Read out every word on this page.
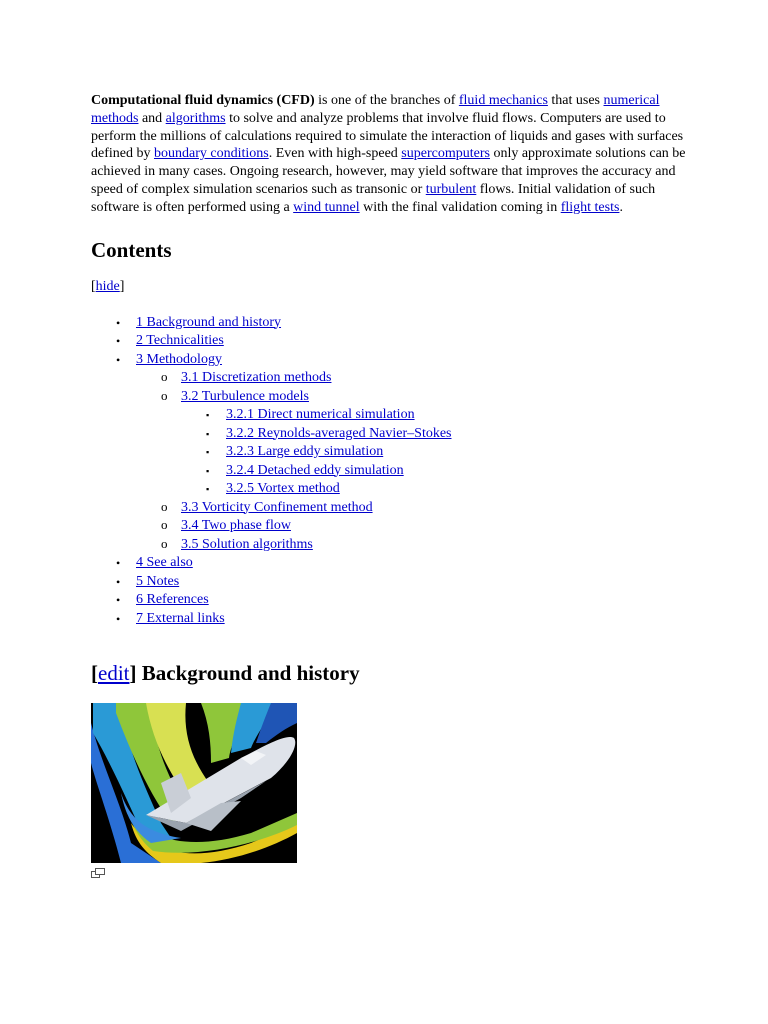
Computational fluid dynamics (CFD) is one of the branches of fluid mechanics that uses numerical methods and algorithms to solve and analyze problems that involve fluid flows. Computers are used to perform the millions of calculations required to simulate the interaction of liquids and gases with surfaces defined by boundary conditions. Even with high-speed supercomputers only approximate solutions can be achieved in many cases. Ongoing research, however, may yield software that improves the accuracy and speed of complex simulation scenarios such as transonic or turbulent flows. Initial validation of such software is often performed using a wind tunnel with the final validation coming in flight tests.

Contents
[hide]
• 1 Background and history
• 2 Technicalities
• 3 Methodology
o 3.1 Discretization methods
o 3.2 Turbulence models
▪ 3.2.1 Direct numerical simulation
▪ 3.2.2 Reynolds-averaged Navier–Stokes
▪ 3.2.3 Large eddy simulation
▪ 3.2.4 Detached eddy simulation
▪ 3.2.5 Vortex method
o 3.3 Vorticity Confinement method
o 3.4 Two phase flow
o 3.5 Solution algorithms
• 4 See also
• 5 Notes
• 6 References
• 7 External links
[edit] Background and history
